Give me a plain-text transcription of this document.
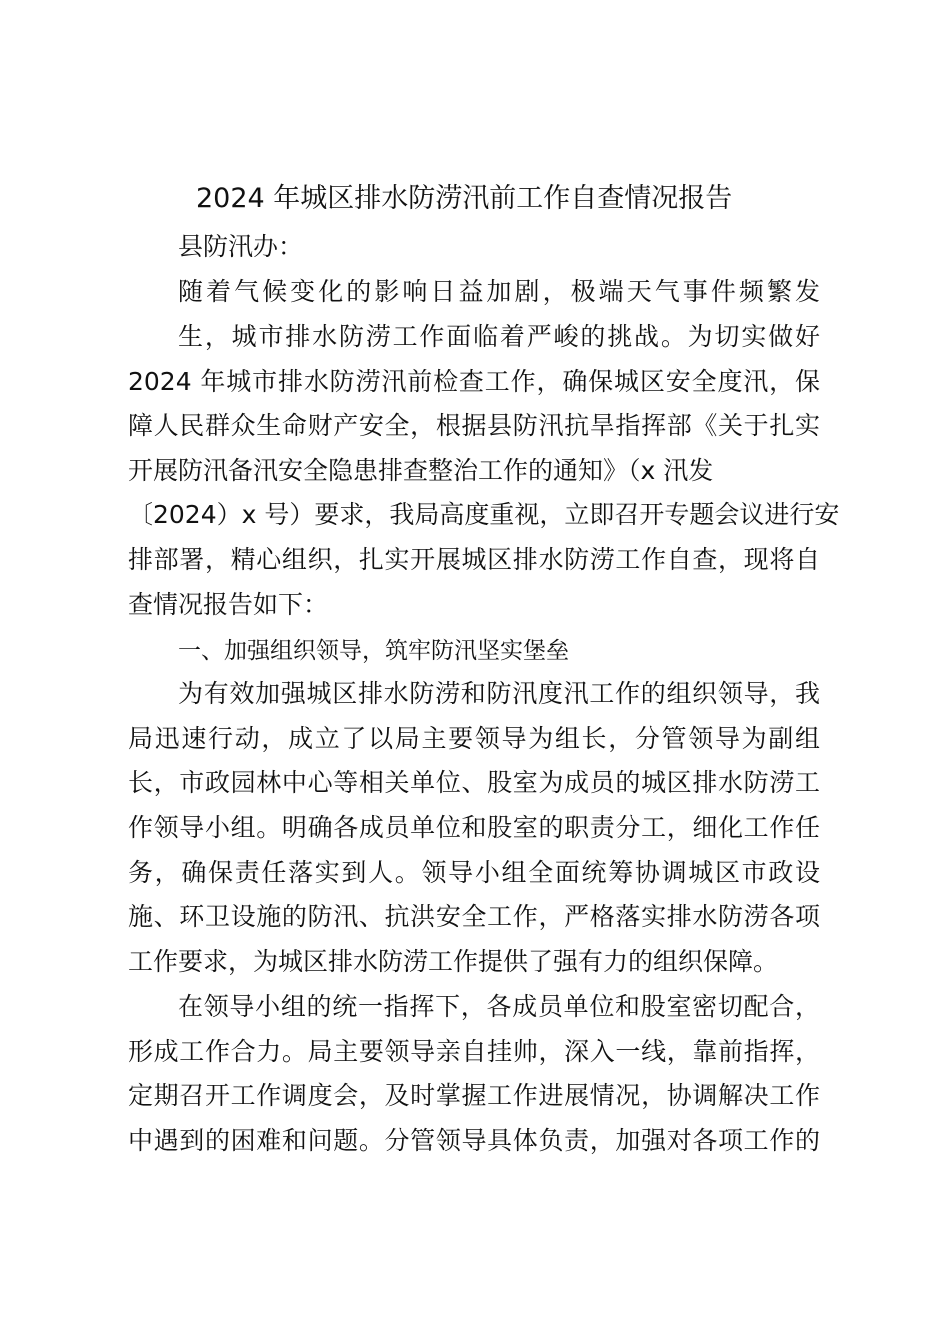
2024 年城区排水防涝汛前工作自查情况报告
县防汛办：
随着气候变化的影响日益加剧，极端天气事件频繁发
生，城市排水防涝工作面临着严峻的挑战。为切实做好
2024 年城市排水防涝汛前检查工作，确保城区安全度汛，保
障人民群众生命财产安全，根据县防汛抗旱指挥部《关于扎实
开展防汛备汛安全隐患排查整治工作的通知》（x 汛发
〔2024）x 号）要求，我局高度重视，立即召开专题会议进行安
排部署，精心组织，扎实开展城区排水防涝工作自查，现将自
查情况报告如下：
一、加强组织领导，筑牢防汛坚实堡垒
为有效加强城区排水防涝和防汛度汛工作的组织领导，我
局迅速行动，成立了以局主要领导为组长，分管领导为副组
长，市政园林中心等相关单位、股室为成员的城区排水防涝工
作领导小组。明确各成员单位和股室的职责分工，细化工作任
务，确保责任落实到人。领导小组全面统筹协调城区市政设
施、环卫设施的防汛、抗洪安全工作，严格落实排水防涝各项
工作要求，为城区排水防涝工作提供了强有力的组织保障。
在领导小组的统一指挥下，各成员单位和股室密切配合，
形成工作合力。局主要领导亲自挂帅，深入一线，靠前指挥，
定期召开工作调度会，及时掌握工作进展情况，协调解决工作
中遇到的困难和问题。分管领导具体负责，加强对各项工作的
